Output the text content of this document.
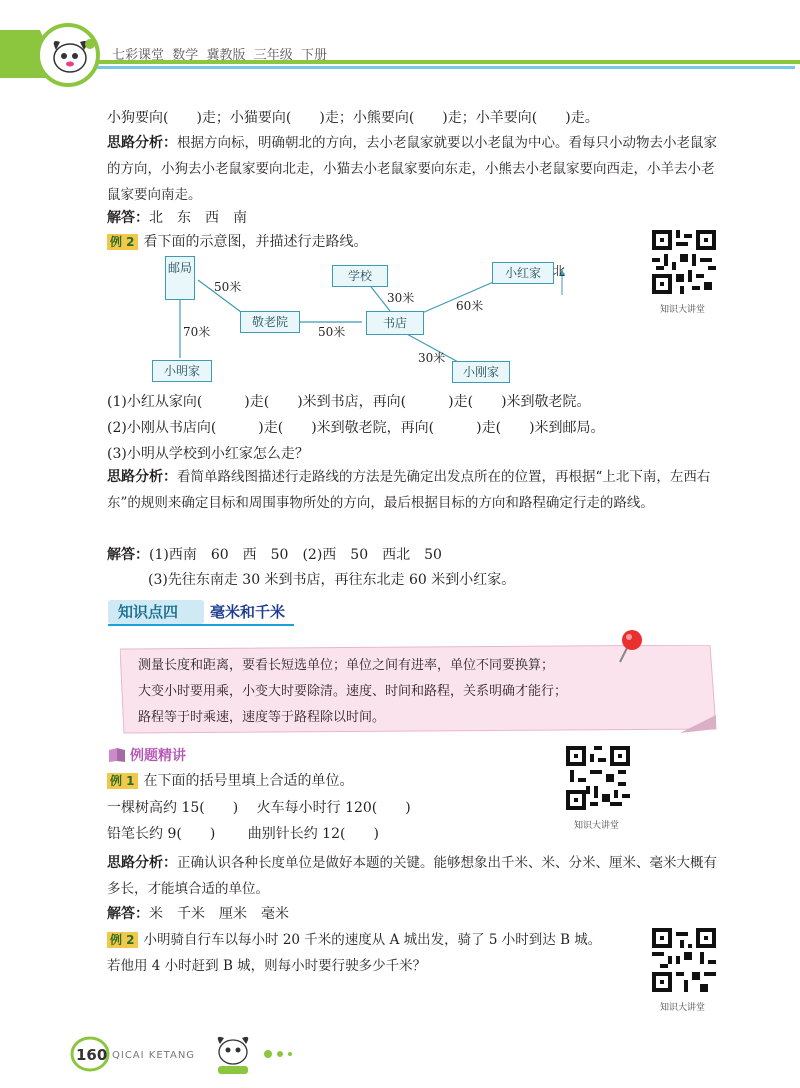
七彩课堂  数学  冀教版  三年级  下册
小狗要向(　　)走；小猫要向(　　)走；小熊要向(　　)走；小羊要向(　　)走。
思路分析：根据方向标，明确朝北的方向，去小老鼠家就要以小老鼠为中心。看每只小动物去小老鼠家的方向，小狗去小老鼠家要向北走，小猫去小老鼠家要向东走，小熊去小老鼠家要向西走，小羊去小老鼠家要向南走。
解答：北　东　西　南
例 2 看下面的示意图，并描述行走路线。
知识大讲堂
邮局
敬老院
学校
书店
小红家
小明家	小刚家
50米
70米	50米
30米
60米
30米
北
(1)小红从家向(　　　)走(　　)米到书店，再向(　　　)走(　　)米到敬老院。
(2)小刚从书店向(　　　)走(　　)米到敬老院，再向(　　　)走(　　)米到邮局。
(3)小明从学校到小红家怎么走？
思路分析：看简单路线图描述行走路线的方法是先确定出发点所在的位置，再根据“上北下南，左西右东”的规则来确定目标和周围事物所处的方向，最后根据目标的方向和路程确定行走的路线。
解答：(1)西南　60　西　50　(2)西　50　西北　50
(3)先往东南走 30 米到书店，再往东北走 60 米到小红家。
知识点四 毫米和千米
测量长度和距离，要看长短选单位；单位之间有进率，单位不同要换算；
大变小时要用乘，小变大时要除清。速度、时间和路程，关系明确才能行；
路程等于时乘速，速度等于路程除以时间。
例题精讲
知识大讲堂
例 1 在下面的括号里填上合适的单位。
一棵树高约 15(　　)　 火车每小时行 120(　　)
铅笔长约 9(　　)　　 曲别针长约 12(　　)
思路分析：正确认识各种长度单位是做好本题的关键。能够想象出千米、米、分米、厘米、毫米大概有多长，才能填合适的单位。
解答：米　千米　厘米　毫米
例 2 小明骑自行车以每小时 20 千米的速度从 A 城出发，骑了 5 小时到达 B 城。
若他用 4 小时赶到 B 城，则每小时要行驶多少千米？
知识大讲堂
160 QICAI KETANG
